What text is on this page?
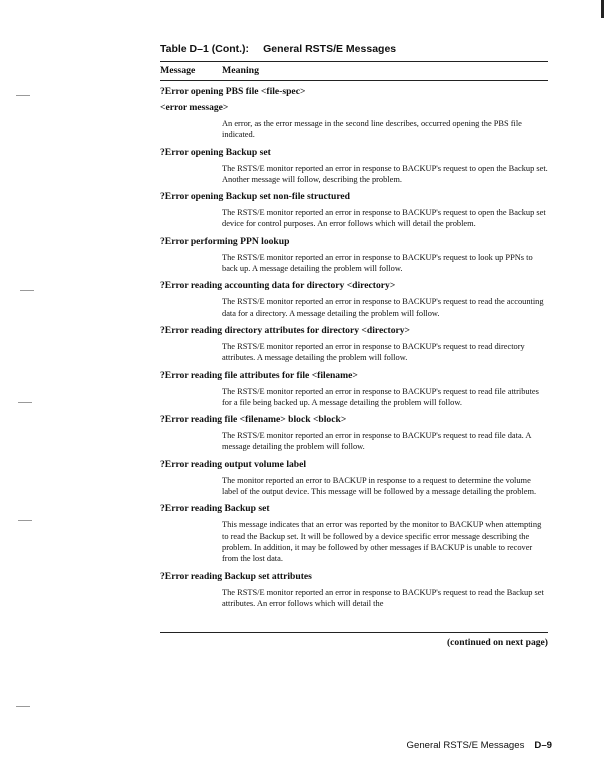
Table D–1 (Cont.): General RSTS/E Messages
Message	Meaning

?Error opening PBS file <file-spec>

<error message>

An error, as the error message in the second line describes, occurred opening the PBS file indicated.

?Error opening Backup set

The RSTS/E monitor reported an error in response to BACKUP's request to open the Backup set. Another message will follow, describing the problem.

?Error opening Backup set non-file structured

The RSTS/E monitor reported an error in response to BACKUP's request to open the Backup set device for control purposes. An error follows which will detail the problem.

?Error performing PPN lookup

The RSTS/E monitor reported an error in response to BACKUP's request to look up PPNs to back up. A message detailing the problem will follow.

?Error reading accounting data for directory <directory>

The RSTS/E monitor reported an error in response to BACKUP's request to read the accounting data for a directory. A message detailing the problem will follow.

?Error reading directory attributes for directory <directory>

The RSTS/E monitor reported an error in response to BACKUP's request to read directory attributes. A message detailing the problem will follow.

?Error reading file attributes for file <filename>

The RSTS/E monitor reported an error in response to BACKUP's request to read file attributes for a file being backed up. A message detailing the problem will follow.

?Error reading file <filename> block <block>

The RSTS/E monitor reported an error in response to BACKUP's request to read file data. A message detailing the problem will follow.

?Error reading output volume label

The monitor reported an error to BACKUP in response to a request to determine the volume label of the output device. This message will be followed by a message detailing the problem.

?Error reading Backup set

This message indicates that an error was reported by the monitor to BACKUP when attempting to read the Backup set. It will be followed by a device specific error message describing the problem. In addition, it may be followed by other messages if BACKUP is unable to recover from the lost data.

?Error reading Backup set attributes

The RSTS/E monitor reported an error in response to BACKUP's request to read the Backup set attributes. An error follows which will detail the

(continued on next page)
General RSTS/E Messages D–9
